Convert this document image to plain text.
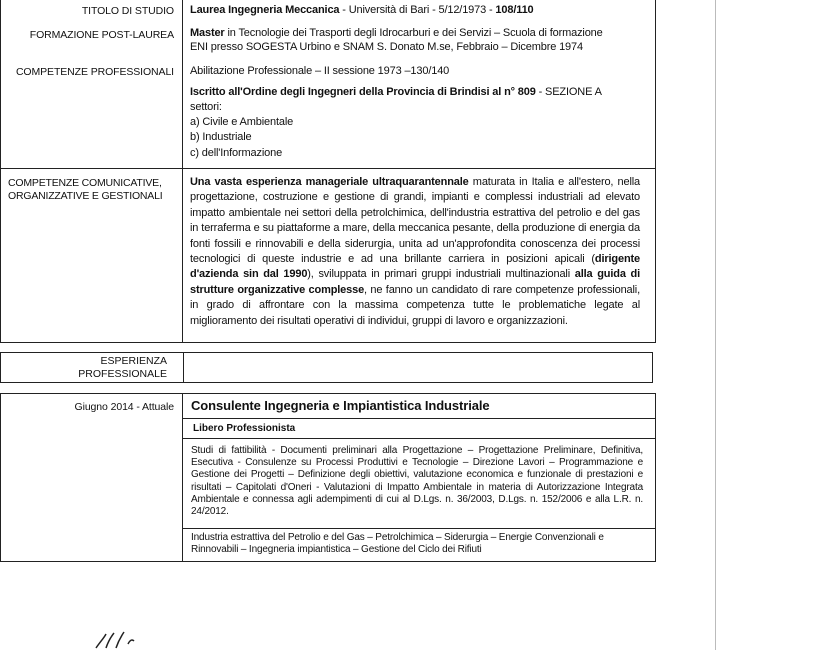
TITOLO DI STUDIO Laurea Ingegneria Meccanica - Università di Bari - 5/12/1973 - 108/110
FORMAZIONE POST-LAUREA Master in Tecnologie dei Trasporti degli Idrocarburi e dei Servizi – Scuola di formazione
ENI presso SOGESTA Urbino e SNAM S. Donato M.se, Febbraio – Dicembre 1974
COMPETENZE PROFESSIONALI Abilitazione Professionale – II sessione 1973 –130/140
Iscritto all'Ordine degli Ingegneri della Provincia di Brindisi al n° 809 - SEZIONE A
settori:
a) Civile e Ambientale
b) Industriale
c) dell'Informazione
COMPETENZE COMUNICATIVE,
ORGANIZZATIVE E GESTIONALI
Una vasta esperienza manageriale ultraquarantennale maturata in Italia e all'estero, nella progettazione, costruzione e gestione di grandi, impianti e complessi industriali ad elevato impatto ambientale nei settori della petrolchimica, dell'industria estrattiva del petrolio e del gas in terraferma e su piattaforme a mare, della meccanica pesante, della produzione di energia da fonti fossili e rinnovabili e della siderurgia, unita ad un'approfondita conoscenza dei processi tecnologici di queste industrie e ad una brillante carriera in posizioni apicali (dirigente d'azienda sin dal 1990), sviluppata in primari gruppi industriali multinazionali alla guida di strutture organizzative complesse, ne fanno un candidato di rare competenze professionali, in grado di affrontare con la massima competenza tutte le problematiche legate al miglioramento dei risultati operativi di individui, gruppi di lavoro e organizzazioni.
ESPERIENZA
PROFESSIONALE
Giugno 2014 - Attuale Consulente Ingegneria e Impiantistica Industriale
Libero Professionista
Studi di fattibilità - Documenti preliminari alla Progettazione – Progettazione Preliminare, Definitiva, Esecutiva - Consulenze su Processi Produttivi e Tecnologie – Direzione Lavori – Programmazione e Gestione dei Progetti – Definizione degli obiettivi, valutazione economica e funzionale di prestazioni e risultati – Capitolati d'Oneri - Valutazioni di Impatto Ambientale in materia di Autorizzazione Integrata Ambientale e connessa agli adempimenti di cui al D.Lgs. n. 36/2003, D.Lgs. n. 152/2006 e alla L.R. n. 24/2012.
Industria estrattiva del Petrolio e del Gas – Petrolchimica – Siderurgia – Energie Convenzionali e Rinnovabili – Ingegneria impiantistica – Gestione del Ciclo dei Rifiuti
